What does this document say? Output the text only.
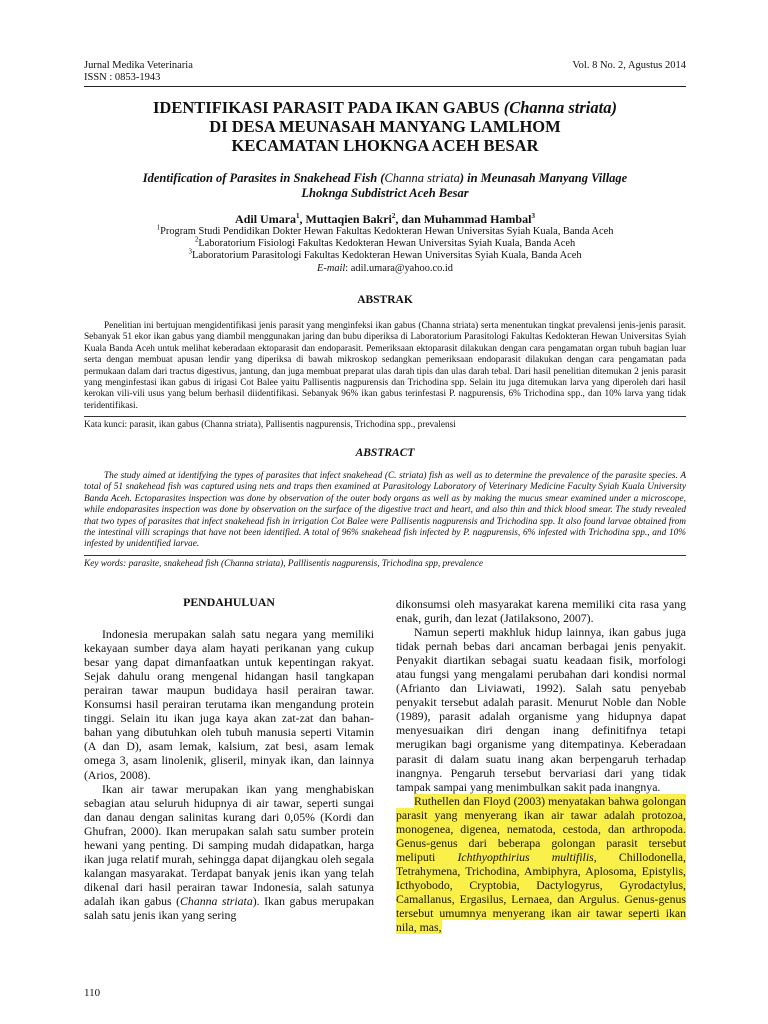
Jurnal Medika Veterinaria	Vol. 8 No. 2, Agustus 2014
ISSN : 0853-1943
IDENTIFIKASI PARASIT PADA IKAN GABUS (Channa striata)
DI DESA MEUNASAH MANYANG LAMLHOM
KECAMATAN LHOKNGA ACEH BESAR
Identification of Parasites in Snakehead Fish (Channa striata) in Meunasah Manyang Village
Lhoknga Subdistrict Aceh Besar
Adil Umara$^1$, Muttaqien Bakri$^2$, dan Muhammad Hambal$^3$
$^1$Program Studi Pendidikan Dokter Hewan Fakultas Kedokteran Hewan Universitas Syiah Kuala, Banda Aceh
$^2$Laboratorium Fisiologi Fakultas Kedokteran Hewan Universitas Syiah Kuala, Banda Aceh
$^3$Laboratorium Parasitologi Fakultas Kedokteran Hewan Universitas Syiah Kuala, Banda Aceh
E-mail: adil.umara@yahoo.co.id
ABSTRAK
Penelitian ini bertujuan mengidentifikasi jenis parasit yang menginfeksi ikan gabus (Channa striata) serta menentukan tingkat prevalensi jenis-jenis parasit. Sebanyak 51 ekor ikan gabus yang diambil menggunakan jaring dan bubu diperiksa di Laboratorium Parasitologi Fakultas Kedokteran Hewan Universitas Syiah Kuala Banda Aceh untuk melihat keberadaan ektoparasit dan endoparasit. Pemeriksaan ektoparasit dilakukan dengan cara pengamatan organ tubuh bagian luar serta dengan membuat apusan lendir yang diperiksa di bawah mikroskop sedangkan pemeriksaan endoparasit dilakukan dengan cara pengamatan pada permukaan dalam dari tractus digestivus, jantung, dan juga membuat preparat ulas darah tipis dan ulas darah tebal. Dari hasil penelitian ditemukan 2 jenis parasit yang menginfestasi ikan gabus di irigasi Cot Balee yaitu Pallisentis nagpurensis dan Trichodina spp. Selain itu juga ditemukan larva yang diperoleh dari hasil kerokan vili-vili usus yang belum berhasil diidentifikasi. Sebanyak 96% ikan gabus terinfestasi P. nagpurensis, 6% Trichodina spp., dan 10% larva yang tidak teridentifikasi.
Kata kunci: parasit, ikan gabus (Channa striata), Pallisentis nagpurensis, Trichodina spp., prevalensi
ABSTRACT
The study aimed at identifying the types of parasites that infect snakehead (C. striata) fish as well as to determine the prevalence of the parasite species. A total of 51 snakehead fish was captured using nets and traps then examined at Parasitology Laboratory of Veterinary Medicine Faculty Syiah Kuala University Banda Aceh. Ectoparasites inspection was done by observation of the outer body organs as well as by making the mucus smear examined under a microscope, while endoparasites inspection was done by observation on the surface of the digestive tract and heart, and also thin and thick blood smear. The study revealed that two types of parasites that infect snakehead fish in irrigation Cot Balee were Pallisentis nagpurensis and Trichodina spp. It also found larvae obtained from the intestinal villi scrapings that have not been identified. A total of 96% snakehead fish infected by P. nagpurensis, 6% infested with Trichodina spp., and 10% infested by unidentified larvae.
Key words: parasite, snakehead fish (Channa striata), Palllisentis nagpurensis, Trichodina spp, prevalence
PENDAHULUAN

Indonesia merupakan salah satu negara yang memiliki kekayaan sumber daya alam hayati perikanan yang cukup besar yang dapat dimanfaatkan untuk kepentingan rakyat. Sejak dahulu orang mengenal hidangan hasil tangkapan perairan tawar maupun budidaya hasil perairan tawar. Konsumsi hasil perairan terutama ikan mengandung protein tinggi. Selain itu ikan juga kaya akan zat-zat dan bahan-bahan yang dibutuhkan oleh tubuh manusia seperti Vitamin (A dan D), asam lemak, kalsium, zat besi, asam lemak omega 3, asam linolenik, gliseril, minyak ikan, dan lainnya (Arios, 2008).

Ikan air tawar merupakan ikan yang menghabiskan sebagian atau seluruh hidupnya di air tawar, seperti sungai dan danau dengan salinitas kurang dari 0,05% (Kordi dan Ghufran, 2000). Ikan merupakan salah satu sumber protein hewani yang penting. Di samping mudah didapatkan, harga ikan juga relatif murah, sehingga dapat dijangkau oleh segala kalangan masyarakat. Terdapat banyak jenis ikan yang telah dikenal dari hasil perairan tawar Indonesia, salah satunya adalah ikan gabus (Channa striata). Ikan gabus merupakan salah satu jenis ikan yang sering

dikonsumsi oleh masyarakat karena memiliki cita rasa yang enak, gurih, dan lezat (Jatilaksono, 2007).

Namun seperti makhluk hidup lainnya, ikan gabus juga tidak pernah bebas dari ancaman berbagai jenis penyakit. Penyakit diartikan sebagai suatu keadaan fisik, morfologi atau fungsi yang mengalami perubahan dari kondisi normal (Afrianto dan Liviawati, 1992). Salah satu penyebab penyakit tersebut adalah parasit. Menurut Noble dan Noble (1989), parasit adalah organisme yang hidupnya dapat menyesuaikan diri dengan inang definitifnya tetapi merugikan bagi organisme yang ditempatinya. Keberadaan parasit di dalam suatu inang akan berpengaruh terhadap inangnya. Pengaruh tersebut bervariasi dari yang tidak tampak sampai yang menimbulkan sakit pada inangnya.

Ruthellen dan Floyd (2003) menyatakan bahwa golongan parasit yang menyerang ikan air tawar adalah protozoa, monogenea, digenea, nematoda, cestoda, dan arthropoda. Genus-genus dari beberapa golongan parasit tersebut meliputi Ichthyopthirius multifilis, Chillodonella, Tetrahymena, Trichodina, Ambiphyra, Aplosoma, Epistylis, Icthyobodo, Cryptobia, Dactylogyrus, Gyrodactylus, Camallanus, Ergasilus, Lernaea, dan Argulus. Genus-genus tersebut umumnya menyerang ikan air tawar seperti ikan nila, mas,

110
